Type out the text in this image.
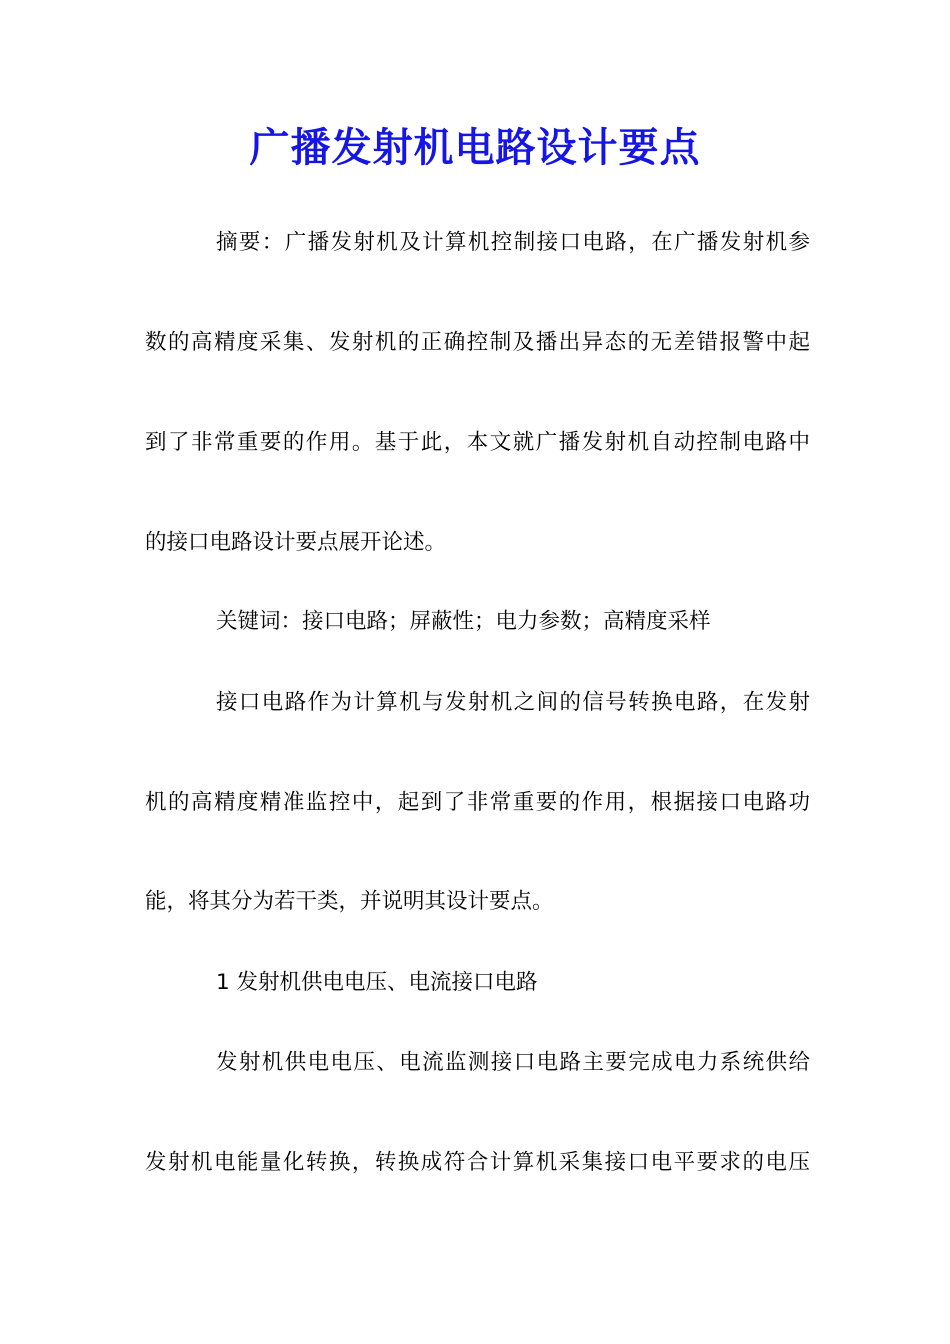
广播发射机电路设计要点
摘要：广播发射机及计算机控制接口电路，在广播发射机参
数的高精度采集、发射机的正确控制及播出异态的无差错报警中起
到了非常重要的作用。基于此，本文就广播发射机自动控制电路中
的接口电路设计要点展开论述。
关键词：接口电路；屏蔽性；电力参数；高精度采样
接口电路作为计算机与发射机之间的信号转换电路，在发射
机的高精度精准监控中，起到了非常重要的作用，根据接口电路功
能，将其分为若干类，并说明其设计要点。
1 发射机供电电压、电流接口电路
发射机供电电压、电流监测接口电路主要完成电力系统供给
发射机电能量化转换，转换成符合计算机采集接口电平要求的电压
